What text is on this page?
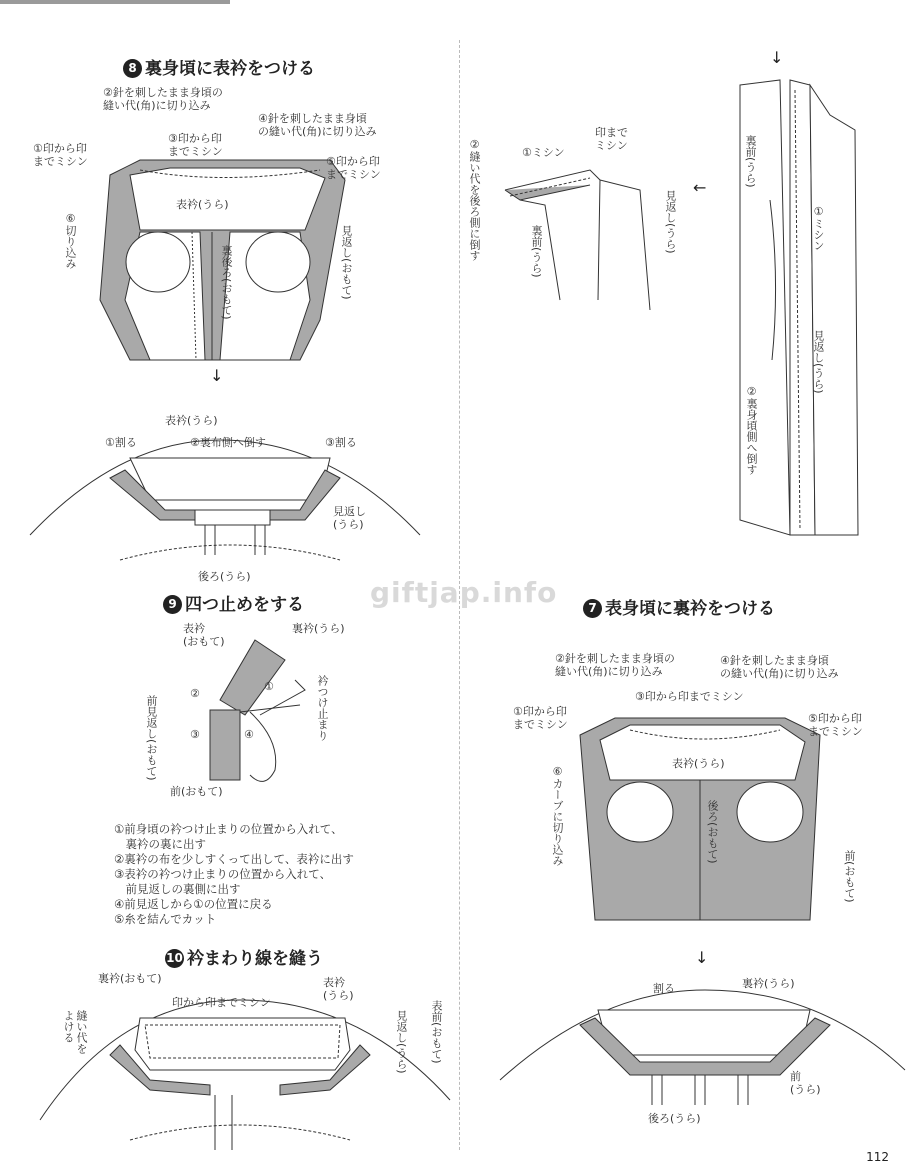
8 裏身頃に表衿をつける
②針を刺したまま身頃の
縫い代(角)に切り込み
④針を刺したまま身頃
の縫い代(角)に切り込み
①印から印
までミシン
③印から印
までミシン
⑤印から印
までミシン
表衿(うら)
⑥切り込み
裏後ろ(おもて)	見返し(おもて)
↓
表衿(うら)
①割る	②裏布側へ倒す	③割る
見返し
(うら)
後ろ(うら)
9 四つ止めをする
表衿
(おもて)
裏衿(うら)
衿つけ止まり
前見返し(おもて)
前(おもて)
①
②
③	④
①前身頃の衿つけ止まりの位置から入れて、
　裏衿の裏に出す
②裏衿の布を少しすくって出して、表衿に出す
③表衿の衿つけ止まりの位置から入れて、
　前見返しの裏側に出す
④前見返しから①の位置に戻る
⑤糸を結んでカット
10 衿まわり線を縫う
裏衿(おもて)
印から印までミシン
表衿
(うら)
縫い代を
よける	見返し(うら) 表前(おもて)
↓
②縫い代を後ろ側に倒す	①ミシン
印まで
ミシン
裏前(うら)	見返し(うら)
←	裏前(うら)
①ミシン
見返し(うら)
②裏身頃側へ倒す
giftjap.info	7 表身頃に裏衿をつける
②針を刺したまま身頃の
縫い代(角)に切り込み
④針を刺したまま身頃
の縫い代(角)に切り込み
③印から印までミシン
①印から印
までミシン	⑤印から印
までミシン
表衿(うら)
⑥カーブに切り込み	後ろ(おもて)
前(おもて)
↓
割る	裏衿(うら)
前
(うら)
後ろ(うら)
112
